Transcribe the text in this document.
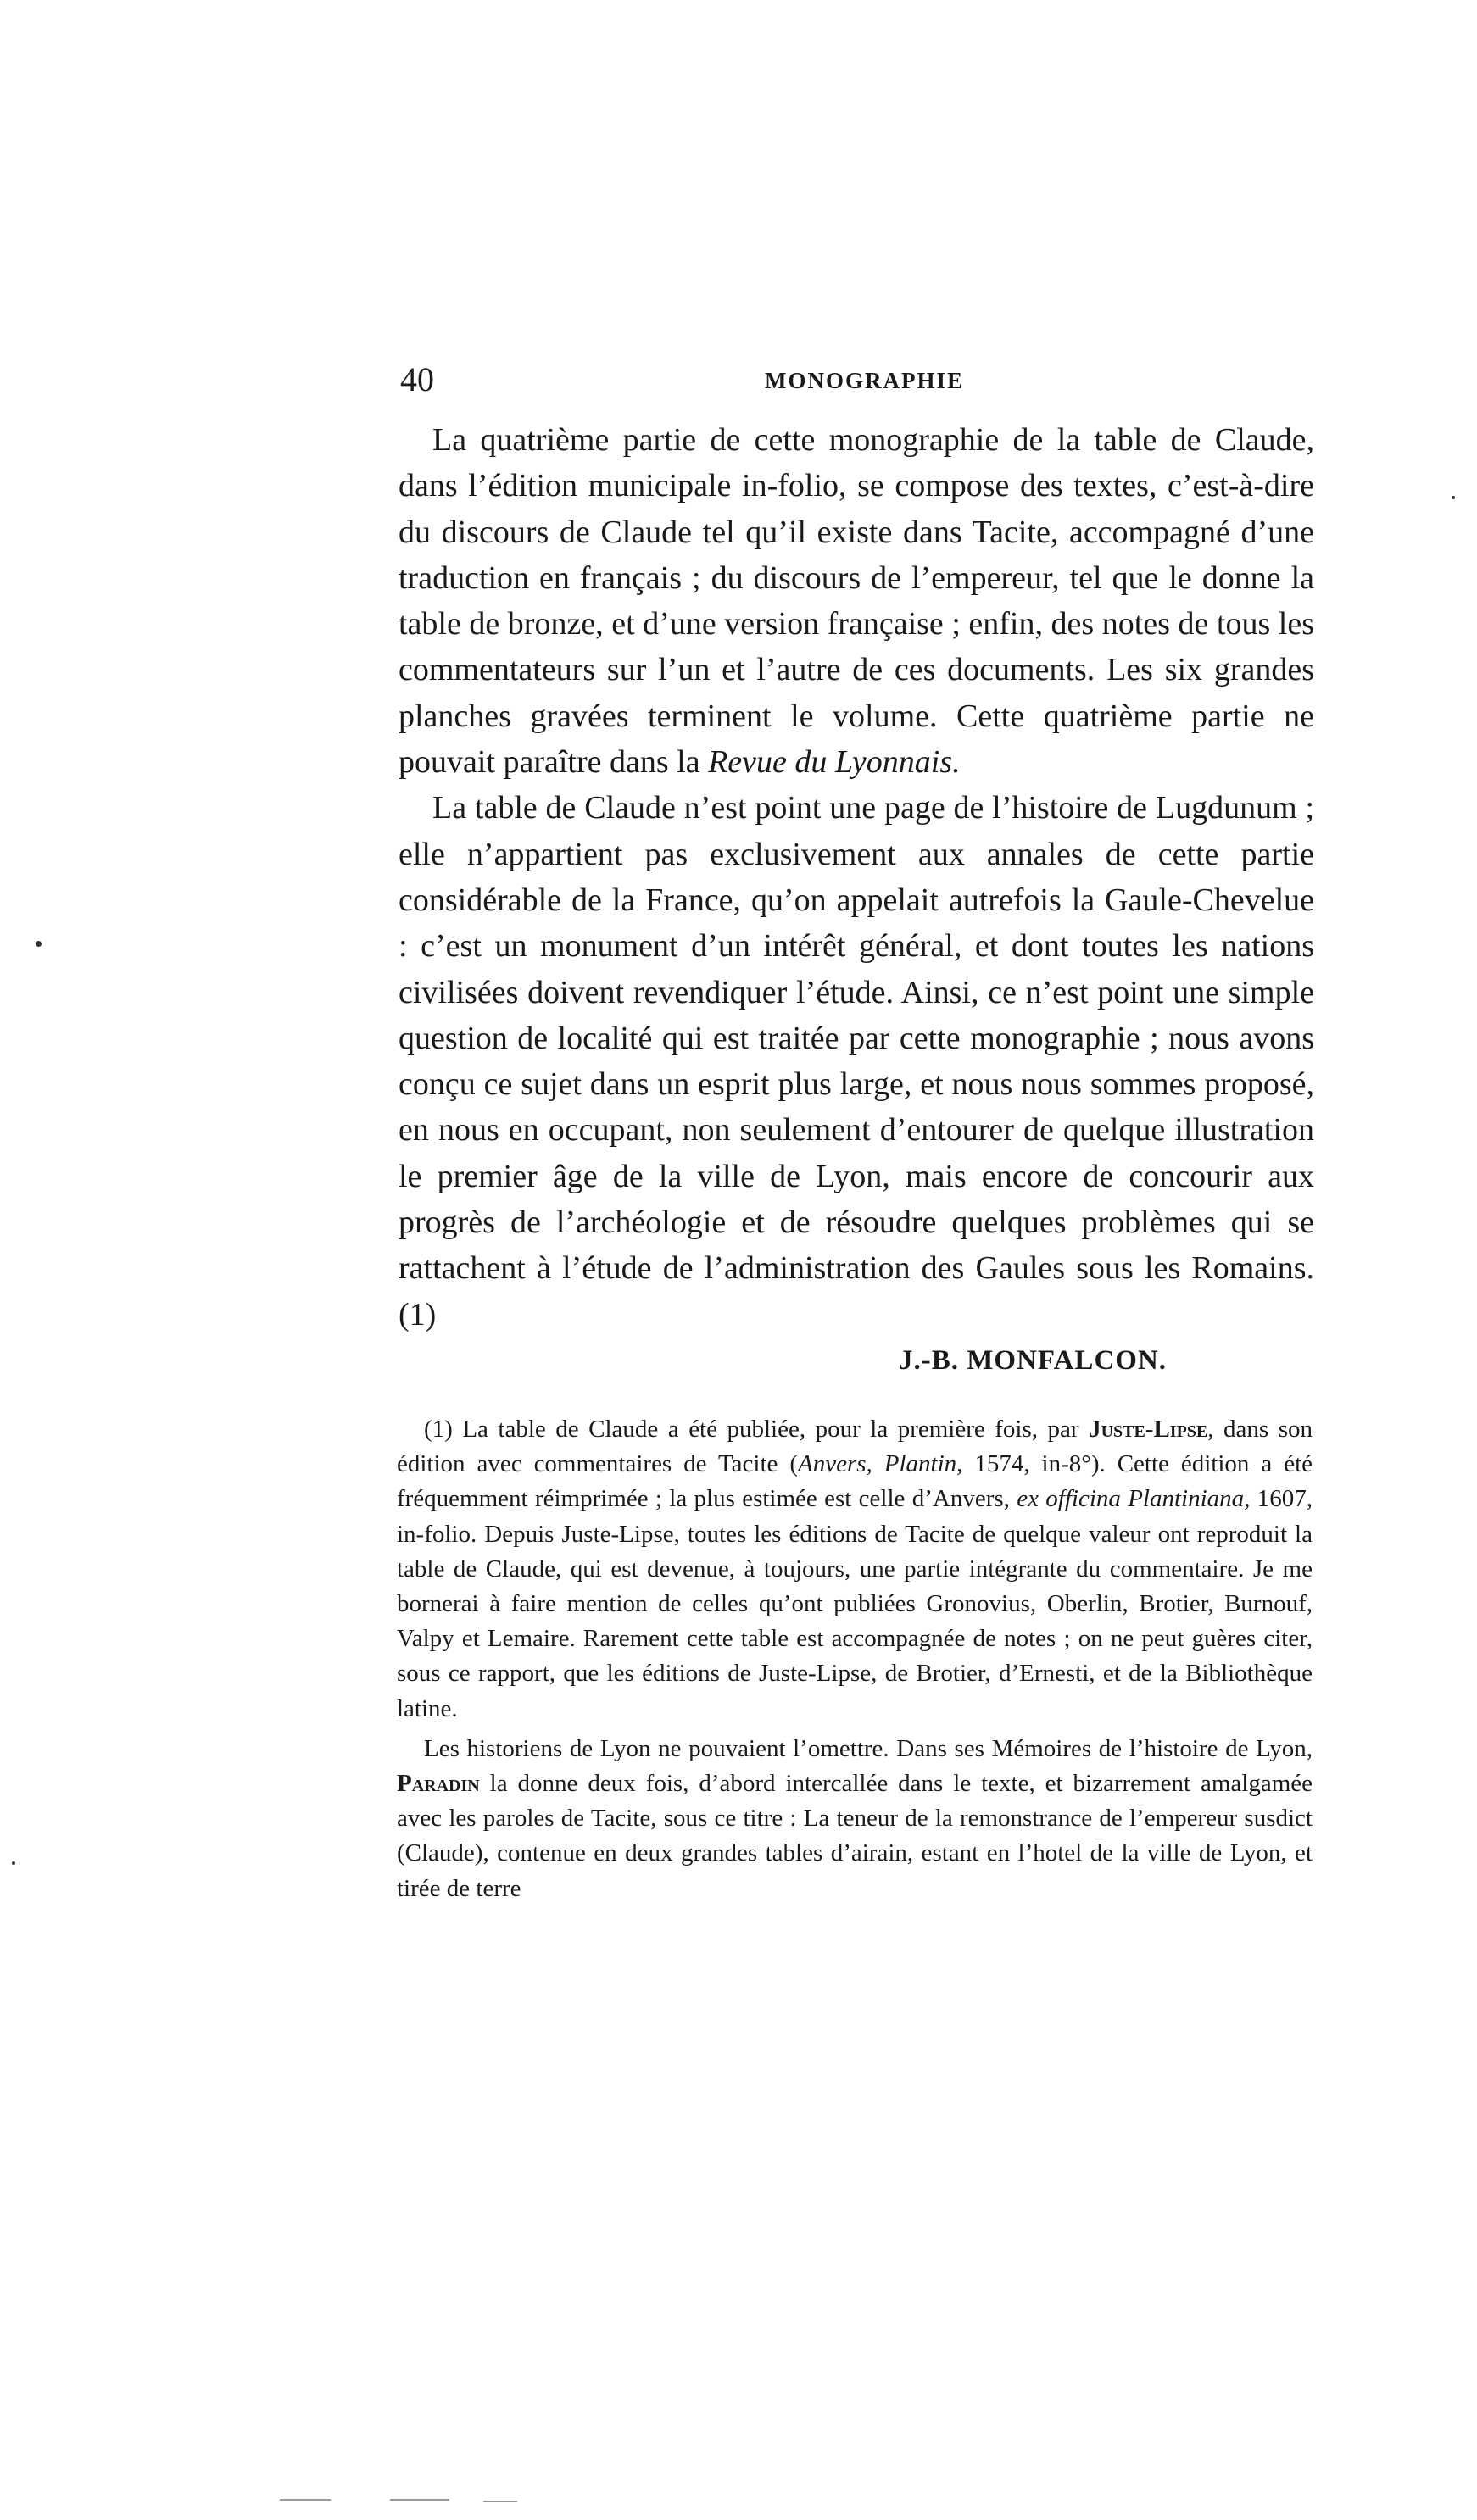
40	MONOGRAPHIE

La quatrième partie de cette monographie de la table de Claude, dans l’édition municipale in-folio, se compose des textes, c’est-à-dire du discours de Claude tel qu’il existe dans Tacite, accompagné d’une traduction en français ; du discours de l’empereur, tel que le donne la table de bronze, et d’une version française ; enfin, des notes de tous les commentateurs sur l’un et l’autre de ces documents. Les six grandes planches gravées terminent le volume. Cette quatrième partie ne pouvait paraître dans la Revue du Lyonnais.

La table de Claude n’est point une page de l’histoire de Lugdunum ; elle n’appartient pas exclusivement aux annales de cette partie considérable de la France, qu’on appelait autrefois la Gaule-Chevelue : c’est un monument d’un intérêt général, et dont toutes les nations civilisées doivent revendiquer l’étude. Ainsi, ce n’est point une simple question de localité qui est traitée par cette monographie ; nous avons conçu ce sujet dans un esprit plus large, et nous nous sommes proposé, en nous en occupant, non seulement d’entourer de quelque illustration le premier âge de la ville de Lyon, mais encore de concourir aux progrès de l’archéologie et de résoudre quelques problèmes qui se rattachent à l’étude de l’administration des Gaules sous les Romains. (1)

J.-B. MONFALCON.

(1) La table de Claude a été publiée, pour la première fois, par Juste-Lipse, dans son édition avec commentaires de Tacite (Anvers, Plantin, 1574, in-8°). Cette édition a été fréquemment réimprimée ; la plus estimée est celle d’Anvers, ex officina Plantiniana, 1607, in-folio. Depuis Juste-Lipse, toutes les éditions de Tacite de quelque valeur ont reproduit la table de Claude, qui est devenue, à toujours, une partie intégrante du commentaire. Je me bornerai à faire mention de celles qu’ont publiées Gronovius, Oberlin, Brotier, Burnouf, Valpy et Lemaire. Rarement cette table est accompagnée de notes ; on ne peut guères citer, sous ce rapport, que les éditions de Juste-Lipse, de Brotier, d’Ernesti, et de la Bibliothèque latine.

Les historiens de Lyon ne pouvaient l’omettre. Dans ses Mémoires de l’histoire de Lyon, Paradin la donne deux fois, d’abord intercallée dans le texte, et bizarrement amalgamée avec les paroles de Tacite, sous ce titre : La teneur de la remonstrance de l’empereur susdict (Claude), contenue en deux grandes tables d’airain, estant en l’hotel de la ville de Lyon, et tirée de terre
